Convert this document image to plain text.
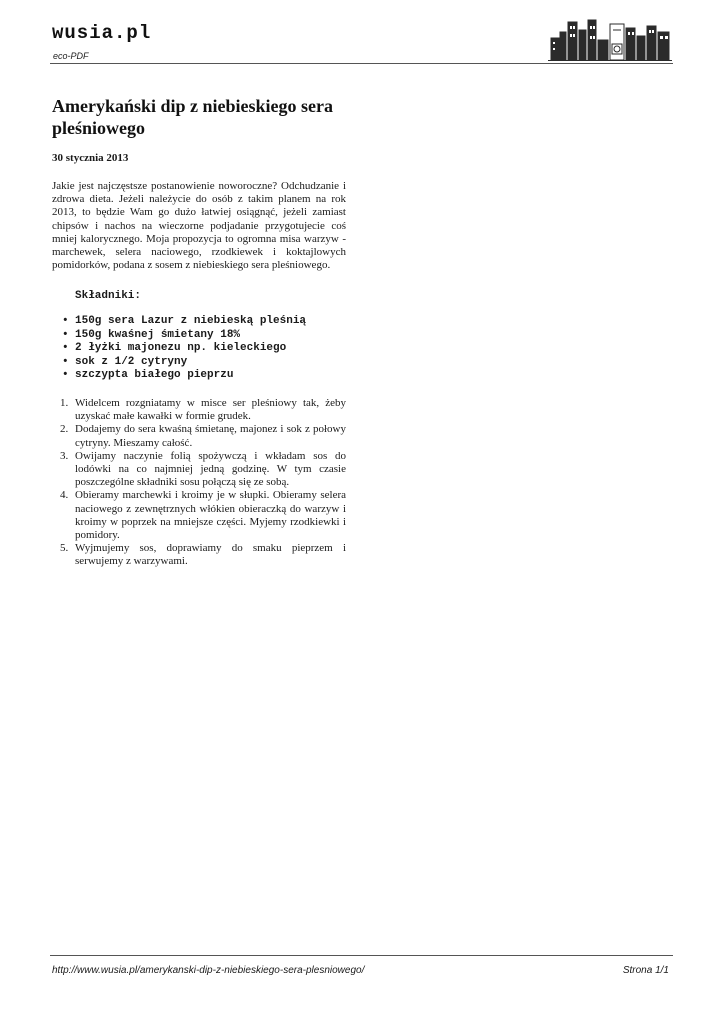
wusia.pl
eco-PDF
Amerykański dip z niebieskiego sera pleśniowego
30 stycznia 2013

Jakie jest najczęstsze postanowienie noworoczne? Odchudzanie i zdrowa dieta. Jeżeli należycie do osób z takim planem na rok 2013, to będzie Wam go dużo łatwiej osiągnąć, jeżeli zamiast chipsów i nachos na wieczorne podjadanie przygotujecie coś mniej kalorycznego. Moja propozycja to ogromna misa warzyw - marchewek, selera naciowego, rzodkiewek i koktajlowych pomidorków, podana z sosem z niebieskiego sera pleśniowego.

Składniki:

• 150g sera Lazur z niebieską pleśnią
• 150g kwaśnej śmietany 18%
• 2 łyżki majonezu np. kieleckiego
• sok z 1/2 cytryny
• szczypta białego pieprzu
1. Widelcem rozgniatamy w misce ser pleśniowy tak, żeby uzyskać małe kawałki w formie grudek.
2. Dodajemy do sera kwaśną śmietanę, majonez i sok z połowy cytryny. Mieszamy całość.
3. Owijamy naczynie folią spożywczą i wkładam sos do lodówki na co najmniej jedną godzinę. W tym czasie poszczególne składniki sosu połączą się ze sobą.
4. Obieramy marchewki i kroimy je w słupki. Obieramy selera naciowego z zewnętrznych włókien obieraczką do warzyw i kroimy w poprzek na mniejsze części. Myjemy rzodkiewki i pomidory.
5. Wyjmujemy sos, doprawiamy do smaku pieprzem i serwujemy z warzywami.
http://www.wusia.pl/amerykanski-dip-z-niebieskiego-sera-plesniowego/	Strona 1/1
